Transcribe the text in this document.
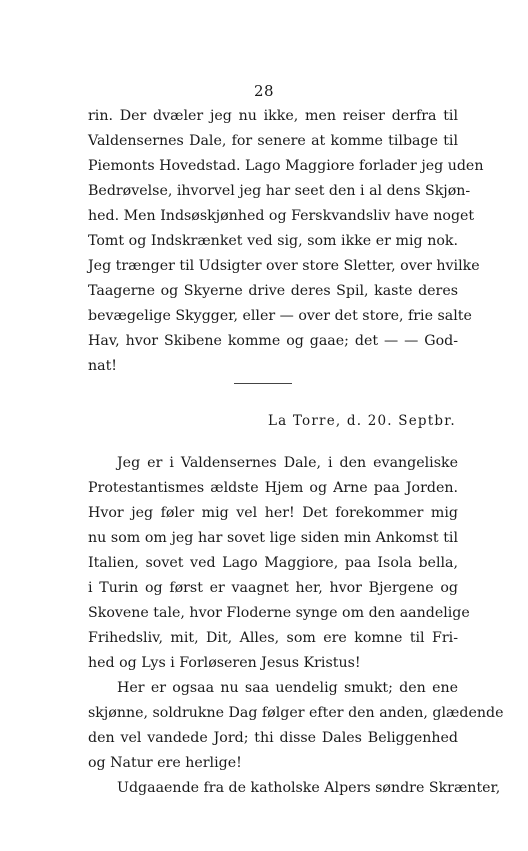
28
rin. Der dvæler jeg nu ikke, men reiser derfra til
Valdensernes Dale, for senere at komme tilbage til
Piemonts Hovedstad. Lago Maggiore forlader jeg uden
Bedrøvelse, ihvorvel jeg har seet den i al dens Skjøn-
hed. Men Indsøskjønhed og Ferskvandsliv have noget
Tomt og Indskrænket ved sig, som ikke er mig nok.
Jeg trænger til Udsigter over store Sletter, over hvilke
Taagerne og Skyerne drive deres Spil, kaste deres
bevægelige Skygger, eller — over det store, frie salte
Hav, hvor Skibene komme og gaae; det — — God-
nat!
La Torre, d. 20. Septbr.
Jeg er i Valdensernes Dale, i den evangeliske
Protestantismes ældste Hjem og Arne paa Jorden.
Hvor jeg føler mig vel her! Det forekommer mig
nu som om jeg har sovet lige siden min Ankomst til
Italien, sovet ved Lago Maggiore, paa Isola bella,
i Turin og først er vaagnet her, hvor Bjergene og
Skovene tale, hvor Floderne synge om den aandelige
Frihedsliv, mit, Dit, Alles, som ere komne til Fri-
hed og Lys i Forløseren Jesus Kristus!
Her er ogsaa nu saa uendelig smukt; den ene
skjønne, soldrukne Dag følger efter den anden, glædende
den vel vandede Jord; thi disse Dales Beliggenhed
og Natur ere herlige!
Udgaaende fra de katholske Alpers søndre Skrænter,
